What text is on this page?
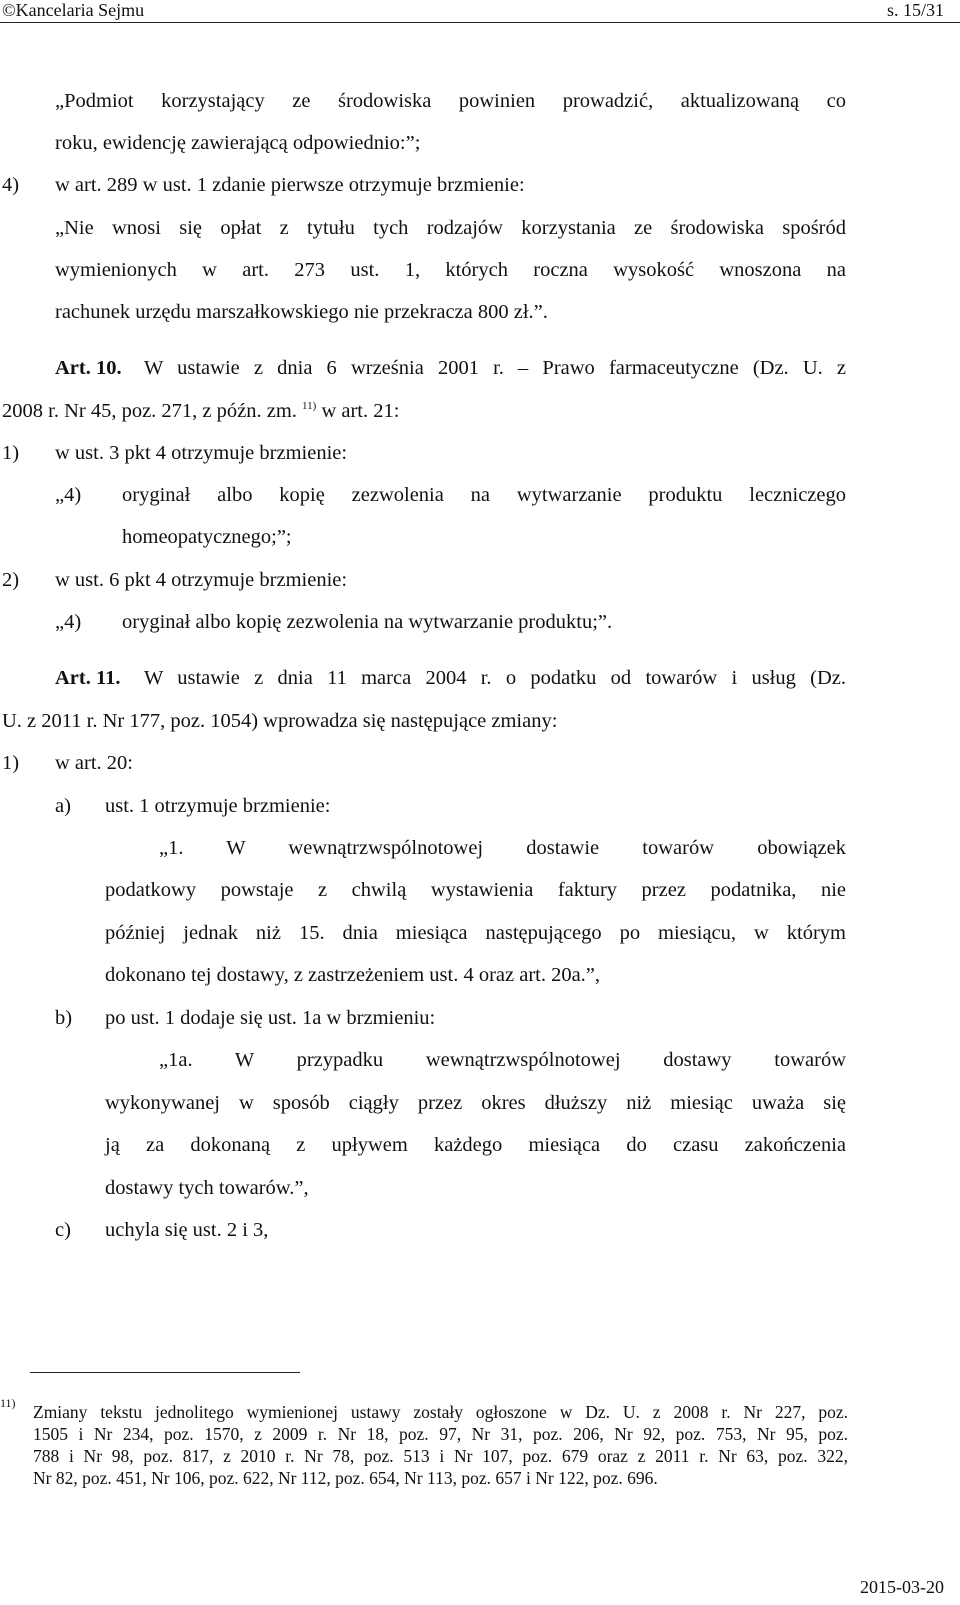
©Kancelaria Sejmu	s. 15/31
„Podmiot korzystający ze środowiska powinien prowadzić, aktualizowaną co
roku, ewidencję zawierającą odpowiednio:”;
4) w art. 289 w ust. 1 zdanie pierwsze otrzymuje brzmienie:
„Nie wnosi się opłat z tytułu tych rodzajów korzystania ze środowiska spośród
wymienionych w art. 273 ust. 1, których roczna wysokość wnoszona na
rachunek urzędu marszałkowskiego nie przekracza 800 zł.”.
Art. 10. W ustawie z dnia 6 września 2001 r. – Prawo farmaceutyczne (Dz. U. z
2008 r. Nr 45, poz. 271, z późn. zm. $^{11)}$ w art. 21:
1) w ust. 3 pkt 4 otrzymuje brzmienie:
„4) oryginał albo kopię zezwolenia na wytwarzanie produktu leczniczego
homeopatycznego;”;
2) w ust. 6 pkt 4 otrzymuje brzmienie:
„4) oryginał albo kopię zezwolenia na wytwarzanie produktu;”.
Art. 11. W ustawie z dnia 11 marca 2004 r. o podatku od towarów i usług (Dz.
U. z 2011 r. Nr 177, poz. 1054) wprowadza się następujące zmiany:
1) w art. 20:
a) ust. 1 otrzymuje brzmienie:
„1. W wewnątrzwspólnotowej dostawie towarów obowiązek
podatkowy powstaje z chwilą wystawienia faktury przez podatnika, nie
później jednak niż 15. dnia miesiąca następującego po miesiącu, w którym
dokonano tej dostawy, z zastrzeżeniem ust. 4 oraz art. 20a.”,
b) po ust. 1 dodaje się ust. 1a w brzmieniu:
„1a. W przypadku wewnątrzwspólnotowej dostawy towarów
wykonywanej w sposób ciągły przez okres dłuższy niż miesiąc uważa się
ją za dokonaną z upływem każdego miesiąca do czasu zakończenia
dostawy tych towarów.”,
c) uchyla się ust. 2 i 3,
11) Zmiany tekstu jednolitego wymienionej ustawy zostały ogłoszone w Dz. U. z 2008 r. Nr 227, poz.
1505 i Nr 234, poz. 1570, z 2009 r. Nr 18, poz. 97, Nr 31, poz. 206, Nr 92, poz. 753, Nr 95, poz.
788 i Nr 98, poz. 817, z 2010 r. Nr 78, poz. 513 i Nr 107, poz. 679 oraz z 2011 r. Nr 63, poz. 322,
Nr 82, poz. 451, Nr 106, poz. 622, Nr 112, poz. 654, Nr 113, poz. 657 i Nr 122, poz. 696.
2015-03-20
